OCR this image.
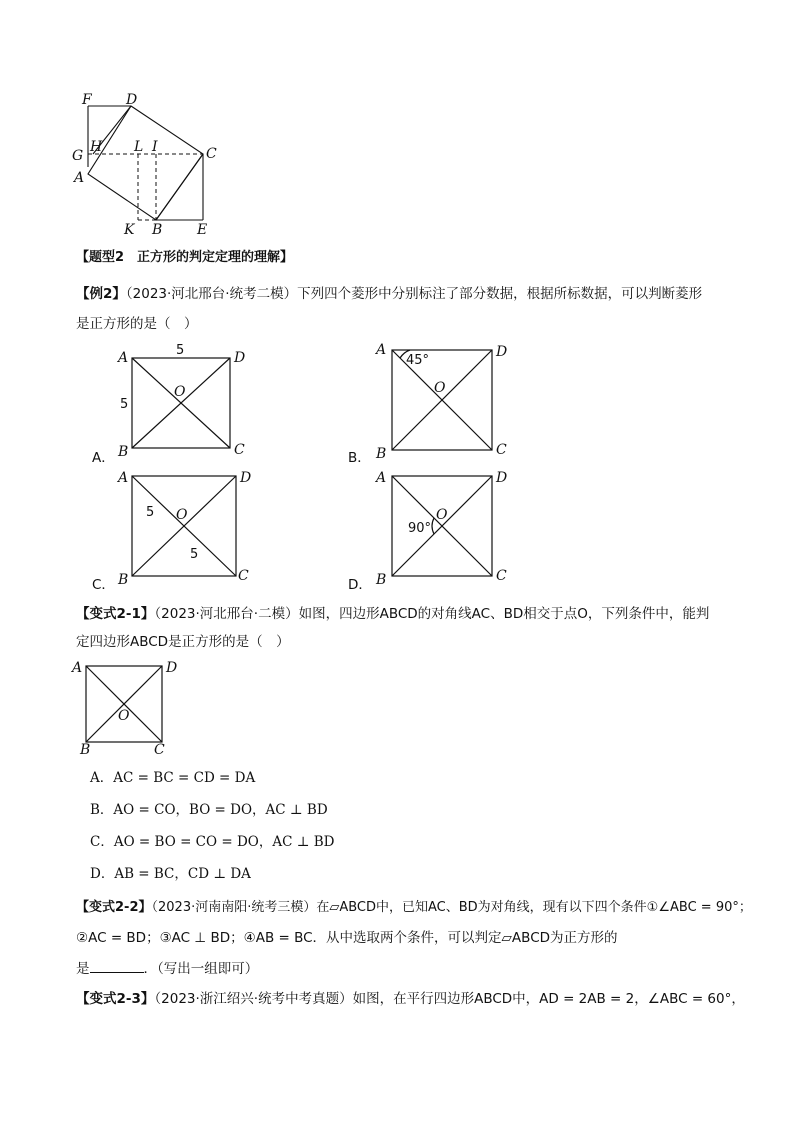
F D
G
H L I	C
A
K B E
【题型2　正方形的判定定理的理解】
【例2】（2023·河北邢台·统考二模）下列四个菱形中分别标注了部分数据，根据所标数据，可以判断菱形
是正方形的是（　）
A．
A	D
B	C
O
5
5
B．
A	D
B	C
O
45°
C．
A	D
B	C
O
5
5
D．
A	D
B	C
O
90°
【变式2-1】（2023·河北邢台·二模）如图，四边形ABCD的对角线AC、BD相交于点O，下列条件中，能判
定四边形ABCD是正方形的是（　）
A	D
B	C
O
A．AC = BC = CD = DA
B．AO = CO，BO = DO，AC ⊥ BD
C．AO = BO = CO = DO，AC ⊥ BD
D．AB = BC，CD ⊥ DA
【变式2-2】（2023·河南南阳·统考三模）在▱ABCD中，已知AC、BD为对角线，现有以下四个条件①∠ABC = 90°；
②AC = BD；③AC ⊥ BD；④AB = BC．从中选取两个条件，可以判定▱ABCD为正方形的
是	．（写出一组即可）
【变式2-3】（2023·浙江绍兴·统考中考真题）如图，在平行四边形ABCD中，AD = 2AB = 2，∠ABC = 60°，
